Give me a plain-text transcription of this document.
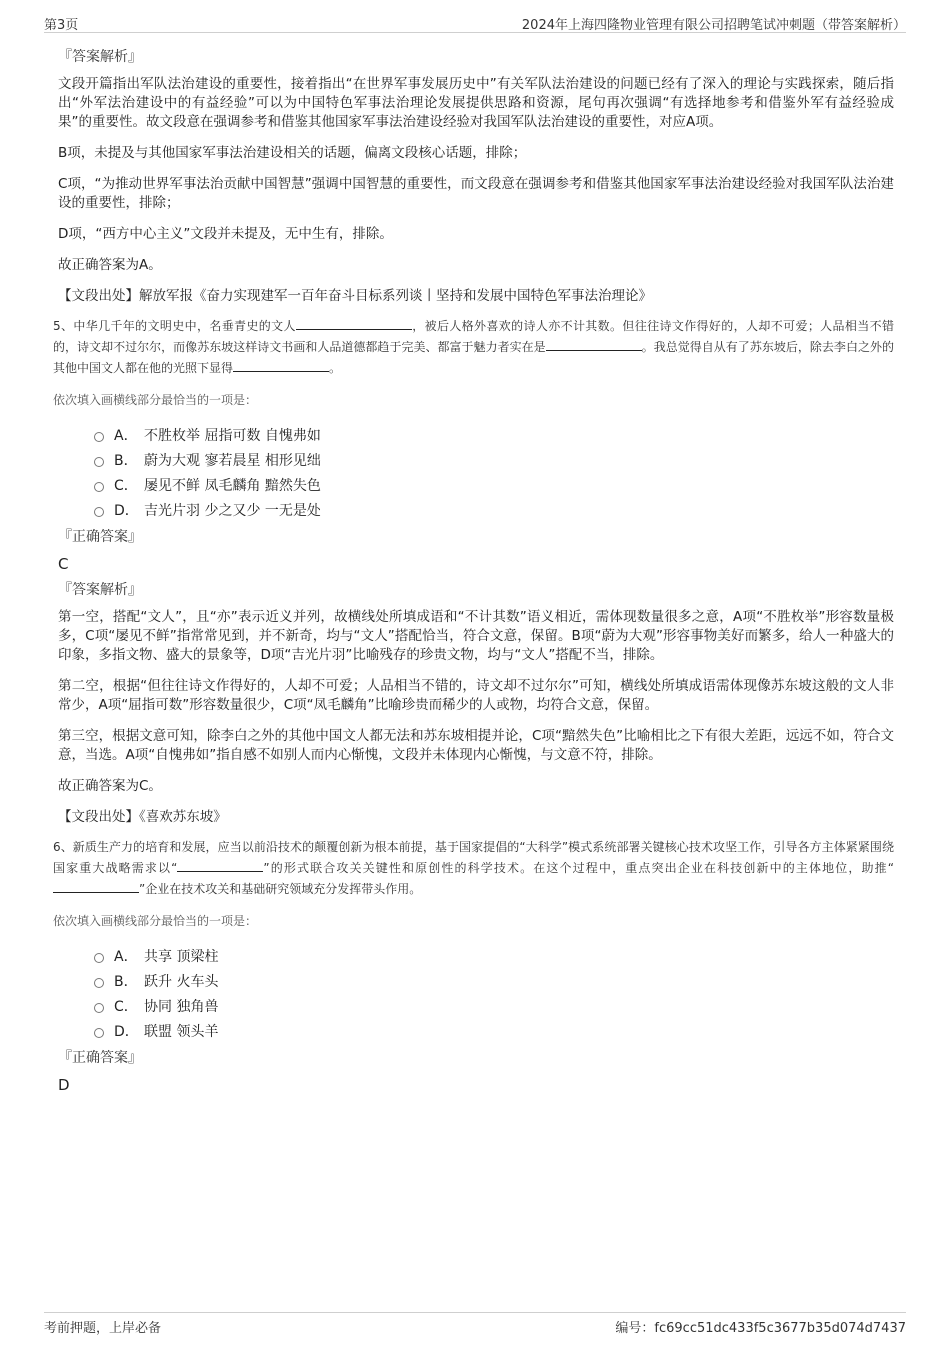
第3页	2024年上海四隆物业管理有限公司招聘笔试冲刺题（带答案解析）
『答案解析』

文段开篇指出军队法治建设的重要性，接着指出“在世界军事发展历史中”有关军队法治建设的问题已经有了深入的理论与实践探索，随后指出“外军法治建设中的有益经验”可以为中国特色军事法治理论发展提供思路和资源，尾句再次强调“有选择地参考和借鉴外军有益经验成果”的重要性。故文段意在强调参考和借鉴其他国家军事法治建设经验对我国军队法治建设的重要性，对应A项。

B项，未提及与其他国家军事法治建设相关的话题，偏离文段核心话题，排除；

C项，“为推动世界军事法治贡献中国智慧”强调中国智慧的重要性，而文段意在强调参考和借鉴其他国家军事法治建设经验对我国军队法治建设的重要性，排除；

D项，“西方中心主义”文段并未提及，无中生有，排除。

故正确答案为A。

【文段出处】解放军报《奋力实现建军一百年奋斗目标系列谈丨坚持和发展中国特色军事法治理论》

5、中华几千年的文明史中，名垂青史的文人	，被后人格外喜欢的诗人亦不计其数。但往往诗文作得好的，人却不可爱；人品相当不错的，诗文却不过尔尔，而像苏东坡这样诗文书画和人品道德都趋于完美、都富于魅力者实在是	。我总觉得自从有了苏东坡后，除去李白之外的其他中国文人都在他的光照下显得	。
依次填入画横线部分最恰当的一项是：
A． 不胜枚举 屈指可数 自愧弗如
B． 蔚为大观 寥若晨星 相形见绌
C． 屡见不鲜 凤毛麟角 黯然失色
D． 吉光片羽 少之又少 一无是处
『正确答案』
C
『答案解析』

第一空，搭配“文人”，且“亦”表示近义并列，故横线处所填成语和“不计其数”语义相近，需体现数量很多之意，A项“不胜枚举”形容数量极多，C项“屡见不鲜”指常常见到，并不新奇，均与“文人”搭配恰当，符合文意，保留。B项“蔚为大观”形容事物美好而繁多，给人一种盛大的印象，多指文物、盛大的景象等，D项“吉光片羽”比喻残存的珍贵文物，均与“文人”搭配不当，排除。

第二空，根据“但往往诗文作得好的，人却不可爱；人品相当不错的，诗文却不过尔尔”可知，横线处所填成语需体现像苏东坡这般的文人非常少，A项“屈指可数”形容数量很少，C项“凤毛麟角”比喻珍贵而稀少的人或物，均符合文意，保留。

第三空，根据文意可知，除李白之外的其他中国文人都无法和苏东坡相提并论，C项“黯然失色”比喻相比之下有很大差距，远远不如，符合文意，当选。A项“自愧弗如”指自感不如别人而内心惭愧，文段并未体现内心惭愧，与文意不符，排除。

故正确答案为C。

【文段出处】《喜欢苏东坡》

6、新质生产力的培育和发展，应当以前沿技术的颠覆创新为根本前提，基于国家提倡的“大科学”模式系统部署关键核心技术攻坚工作，引导各方主体紧紧围绕国家重大战略需求以“	”的形式联合攻关关键性和原创性的科学技术。在这个过程中，重点突出企业在科技创新中的主体地位，助推“”企业在技术攻关和基础研究领域充分发挥带头作用。
依次填入画横线部分最恰当的一项是：
A． 共享 顶梁柱
B． 跃升 火车头
C． 协同 独角兽
D． 联盟 领头羊
『正确答案』
D
考前押题，上岸必备	编号：fc69cc51dc433f5c3677b35d074d7437
